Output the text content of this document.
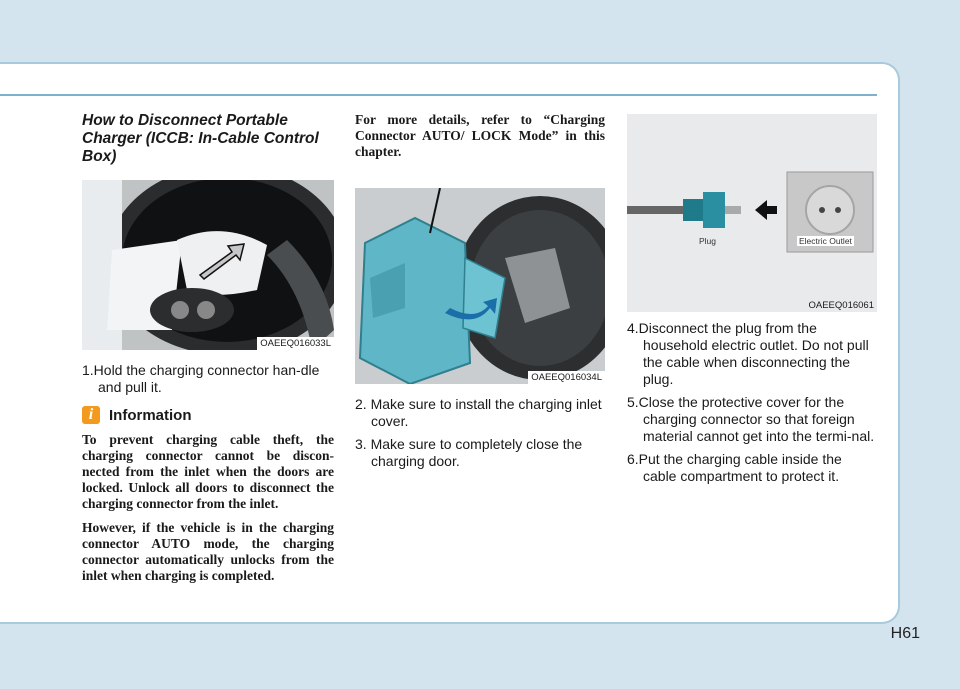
How to Disconnect Portable Charger (ICCB: In-Cable Control Box)
OAEEQ016033L

1.Hold the charging connector han-dle and pull it.

i	Information

To prevent charging cable theft, the charging connector cannot be discon-nected from the inlet when the doors are locked. Unlock all doors to disconnect the charging connector from the inlet.

However, if the vehicle is in the charging connector AUTO mode, the charging connector automatically unlocks from the inlet when charging is completed.

For more details, refer to “Charging Connector AUTO/ LOCK Mode” in this chapter.

OAEEQ016034L

2. Make sure to install the charging inlet cover.

3. Make sure to completely close the charging door.

Plug	Electric Outlet
OAEEQ016061

4.Disconnect the plug from the household electric outlet. Do not pull the cable when disconnecting the plug.

5.Close the protective cover for the charging connector so that foreign material cannot get into the termi-nal.

6.Put the charging cable inside the cable compartment to protect it.

H61
